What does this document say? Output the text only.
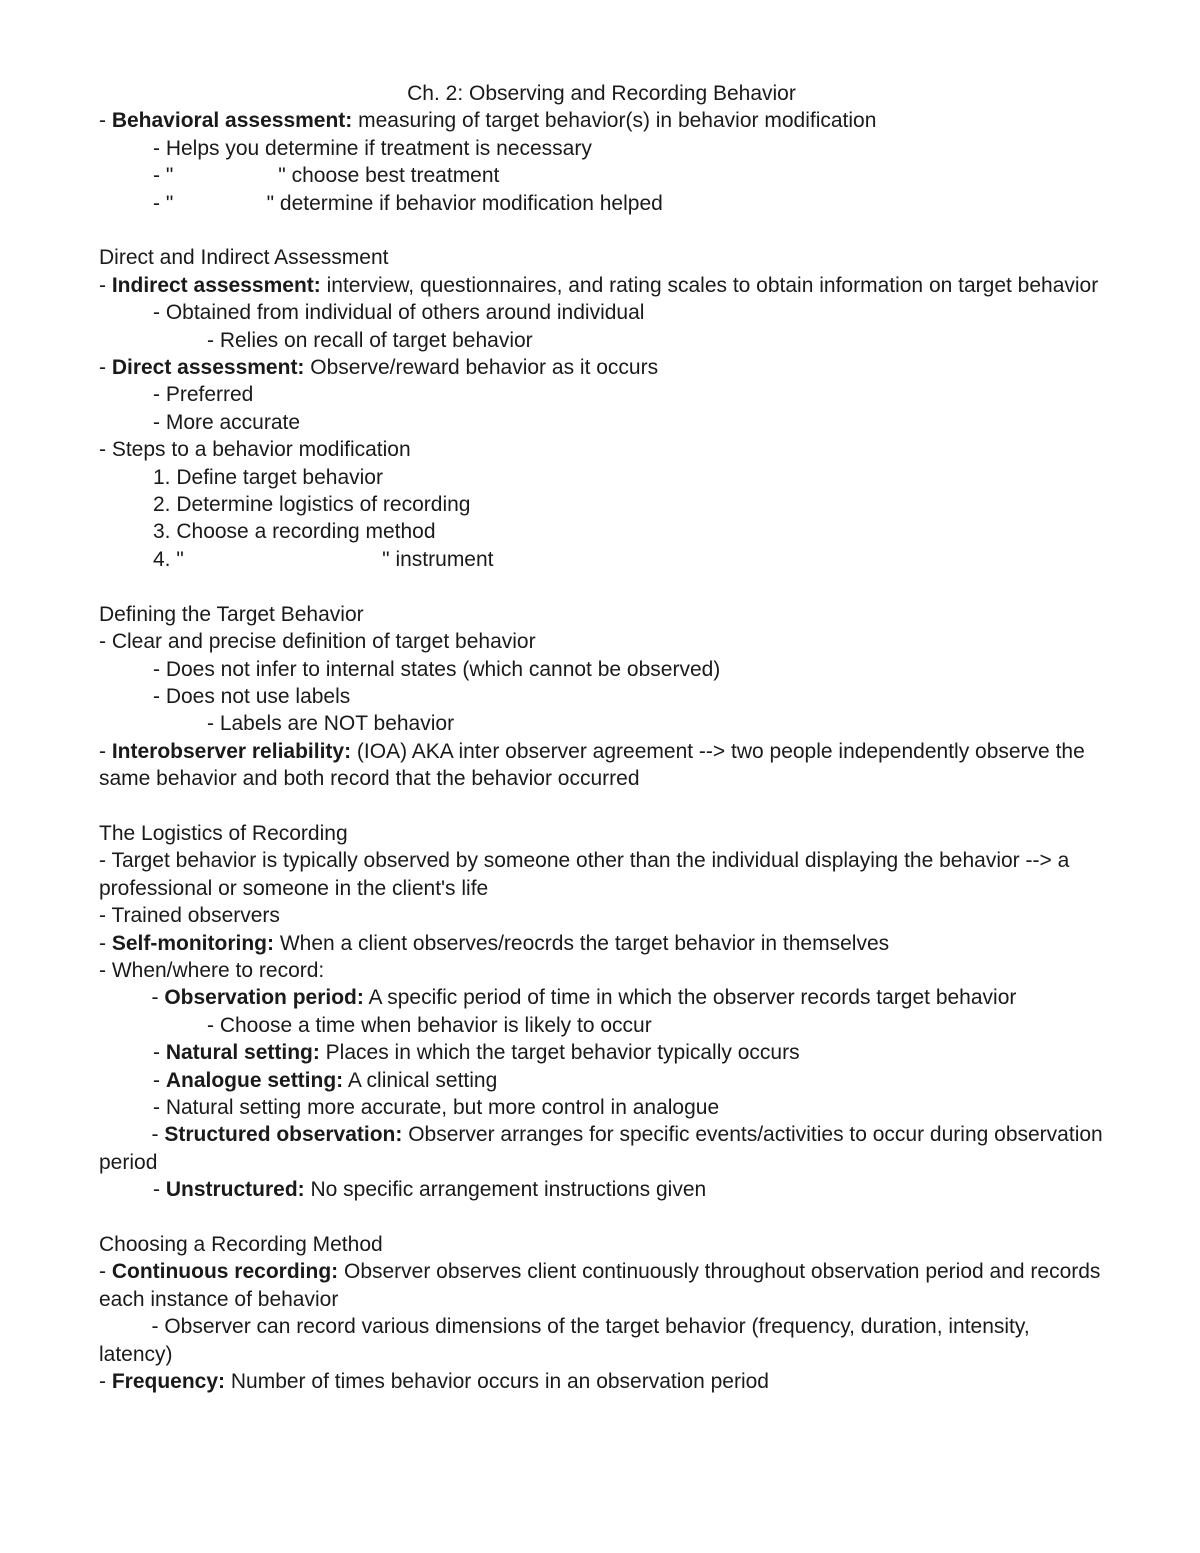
Ch. 2: Observing and Recording Behavior
- Behavioral assessment: measuring of target behavior(s) in behavior modification
- Helps you determine if treatment is necessary
- "                  " choose best treatment
- "                " determine if behavior modification helped
Direct and Indirect Assessment
- Indirect assessment: interview, questionnaires, and rating scales to obtain information on target behavior
- Obtained from individual of others around individual
- Relies on recall of target behavior
- Direct assessment: Observe/reward behavior as it occurs
- Preferred
- More accurate
- Steps to a behavior modification
1. Define target behavior
2. Determine logistics of recording
3. Choose a recording method
4. "                                  " instrument
Defining the Target Behavior
- Clear and precise definition of target behavior
- Does not infer to internal states (which cannot be observed)
- Does not use labels
- Labels are NOT behavior
- Interobserver reliability: (IOA) AKA inter observer agreement --> two people independently observe the same behavior and both record that the behavior occurred
The Logistics of Recording
- Target behavior is typically observed by someone other than the individual displaying the behavior --> a professional or someone in the client's life
- Trained observers
- Self-monitoring: When a client observes/reocrds the target behavior in themselves
- When/where to record:
- Observation period: A specific period of time in which the observer records target behavior
- Choose a time when behavior is likely to occur
- Natural setting: Places in which the target behavior typically occurs
- Analogue setting: A clinical setting
- Natural setting more accurate, but more control in analogue
- Structured observation: Observer arranges for specific events/activities to occur during observation period
- Unstructured: No specific arrangement instructions given
Choosing a Recording Method
- Continuous recording: Observer observes client continuously throughout observation period and records each instance of behavior
- Observer can record various dimensions of the target behavior (frequency, duration, intensity, latency)
- Frequency: Number of times behavior occurs in an observation period
